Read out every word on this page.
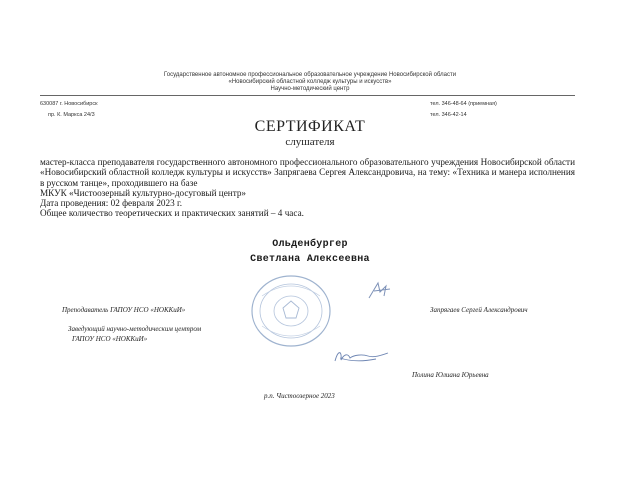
Государственное автономное профессиональное образовательное учреждение Новосибирской области
«Новосибирский областной колледж культуры и искусств»
Научно-методический центр
630087 г. Новосибирск
пр. К. Маркса 24/3
тел. 346-48-64 (приемная)
тел. 346-42-14
СЕРТИФИКАТ
слушателя

мастер-класса преподавателя государственного автономного профессионального образовательного учреждения Новосибирской области «Новосибирский областной колледж культуры и искусств» Запрягаева Сергея Александровича, на тему: «Техника и манера исполнения в русском танце», проходившего на базе

МКУК «Чистоозерный культурно-досуговый центр»

Дата проведения: 02 февраля 2023 г.

Общее количество теоретических и практических занятий – 4 часа.

Ольденбургер
Светлана Алексеевна
Преподаватель ГАПОУ НСО «НОККиИ»	Запрягаев Сергей Александрович
Заведующий научно-методическим центром
ГАПОУ НСО «НОККиИ»
Полина Юлиана Юрьевна
р.п. Чистоозерное 2023
